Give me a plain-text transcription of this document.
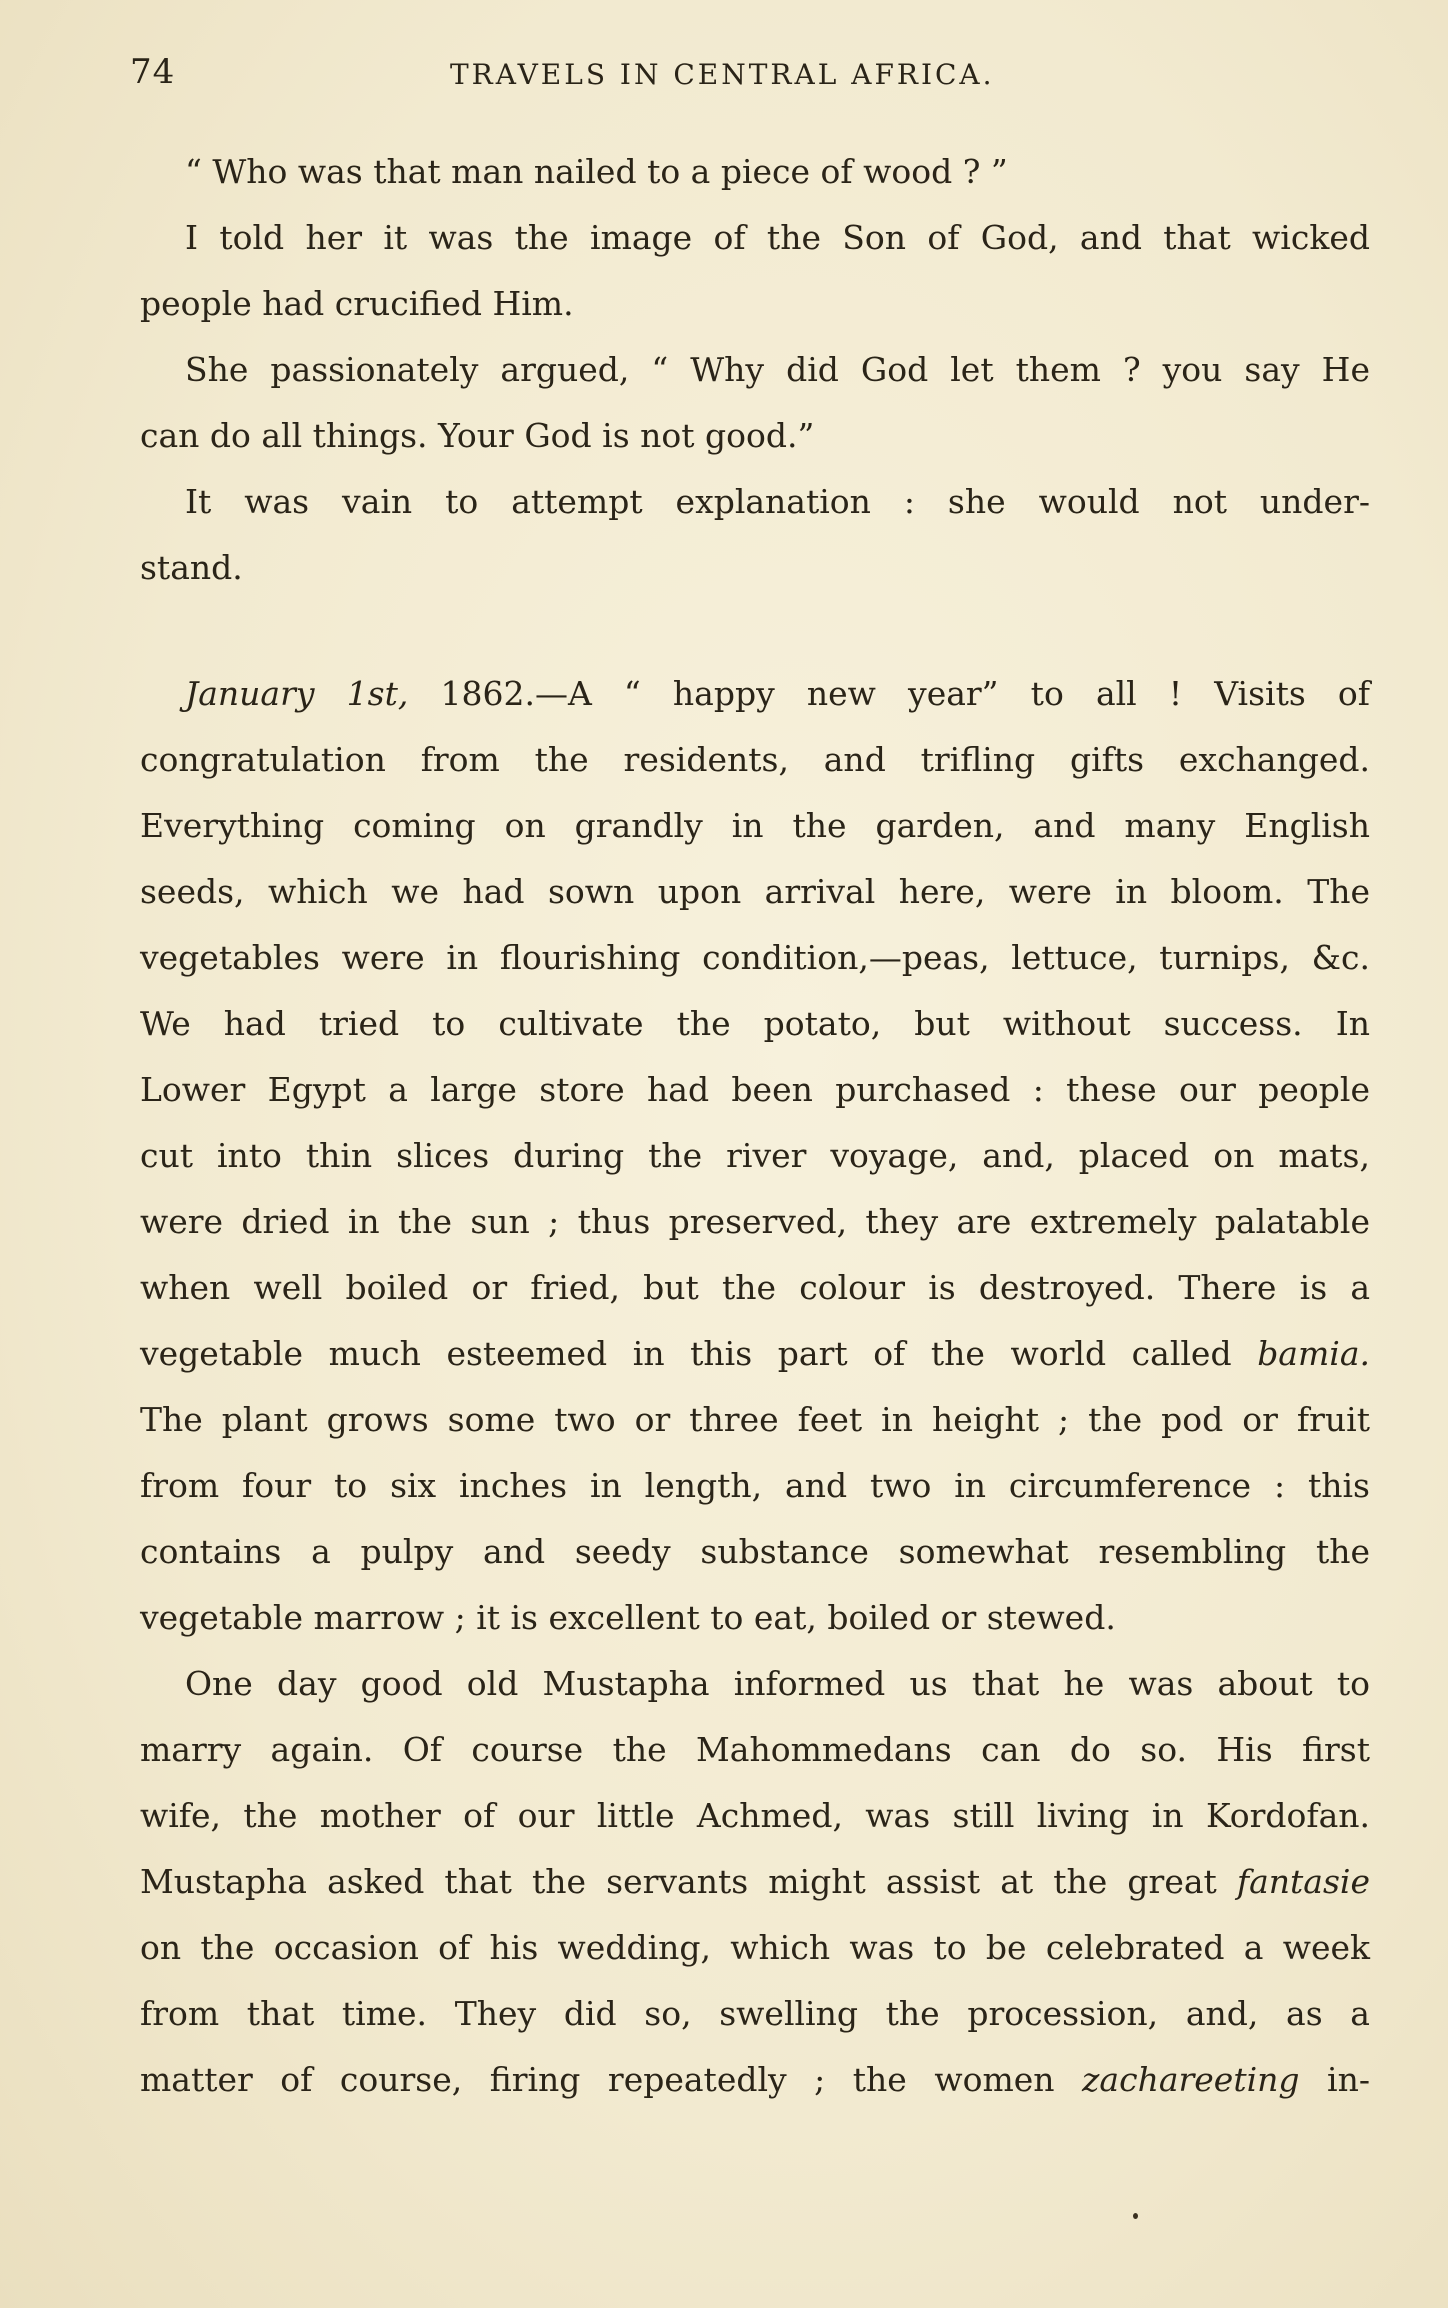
74	TRAVELS IN CENTRAL AFRICA.
“ Who was that man nailed to a piece of wood ? ”
I told her it was the image of the Son of God, and that wicked
people had crucified Him.
She passionately argued, “ Why did God let them ? you say He
can do all things. Your God is not good.”
It was vain to attempt explanation : she would not under-
stand.
January 1st, 1862.—A “ happy new year” to all ! Visits of
congratulation from the residents, and trifling gifts exchanged.
Everything coming on grandly in the garden, and many English
seeds, which we had sown upon arrival here, were in bloom. The
vegetables were in flourishing condition,—peas, lettuce, turnips, &c.
We had tried to cultivate the potato, but without success. In
Lower Egypt a large store had been purchased : these our people
cut into thin slices during the river voyage, and, placed on mats,
were dried in the sun ; thus preserved, they are extremely palatable
when well boiled or fried, but the colour is destroyed. There is a
vegetable much esteemed in this part of the world called bamia.
The plant grows some two or three feet in height ; the pod or fruit
from four to six inches in length, and two in circumference : this
contains a pulpy and seedy substance somewhat resembling the
vegetable marrow ; it is excellent to eat, boiled or stewed.
One day good old Mustapha informed us that he was about to
marry again. Of course the Mahommedans can do so. His first
wife, the mother of our little Achmed, was still living in Kordofan.
Mustapha asked that the servants might assist at the great fantasie
on the occasion of his wedding, which was to be celebrated a week
from that time. They did so, swelling the procession, and, as a
matter of course, firing repeatedly ; the women zachareeting in-
